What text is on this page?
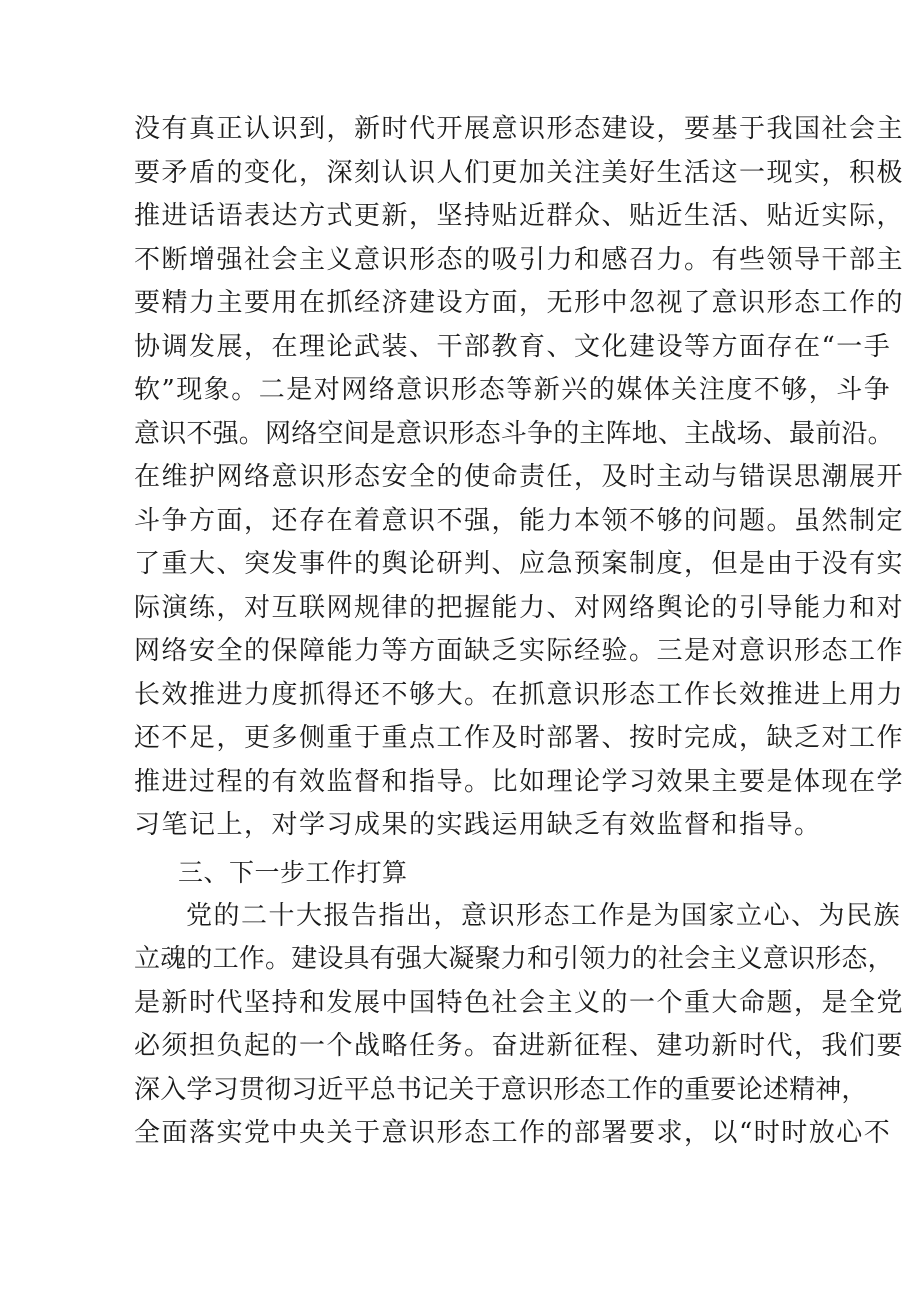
没有真正认识到，新时代开展意识形态建设，要基于我国社会主
要矛盾的变化，深刻认识人们更加关注美好生活这一现实，积极
推进话语表达方式更新，坚持贴近群众、贴近生活、贴近实际，
不断增强社会主义意识形态的吸引力和感召力。有些领导干部主
要精力主要用在抓经济建设方面，无形中忽视了意识形态工作的
协调发展，在理论武装、干部教育、文化建设等方面存在“一手
软”现象。二是对网络意识形态等新兴的媒体关注度不够，斗争
意识不强。网络空间是意识形态斗争的主阵地、主战场、最前沿。
在维护网络意识形态安全的使命责任，及时主动与错误思潮展开
斗争方面，还存在着意识不强，能力本领不够的问题。虽然制定
了重大、突发事件的舆论研判、应急预案制度，但是由于没有实
际演练，对互联网规律的把握能力、对网络舆论的引导能力和对
网络安全的保障能力等方面缺乏实际经验。三是对意识形态工作
长效推进力度抓得还不够大。在抓意识形态工作长效推进上用力
还不足，更多侧重于重点工作及时部署、按时完成，缺乏对工作
推进过程的有效监督和指导。比如理论学习效果主要是体现在学
习笔记上，对学习成果的实践运用缺乏有效监督和指导。
三、下一步工作打算
党的二十大报告指出，意识形态工作是为国家立心、为民族
立魂的工作。建设具有强大凝聚力和引领力的社会主义意识形态，
是新时代坚持和发展中国特色社会主义的一个重大命题，是全党
必须担负起的一个战略任务。奋进新征程、建功新时代，我们要
深入学习贯彻习近平总书记关于意识形态工作的重要论述精神，
全面落实党中央关于意识形态工作的部署要求，以“时时放心不
